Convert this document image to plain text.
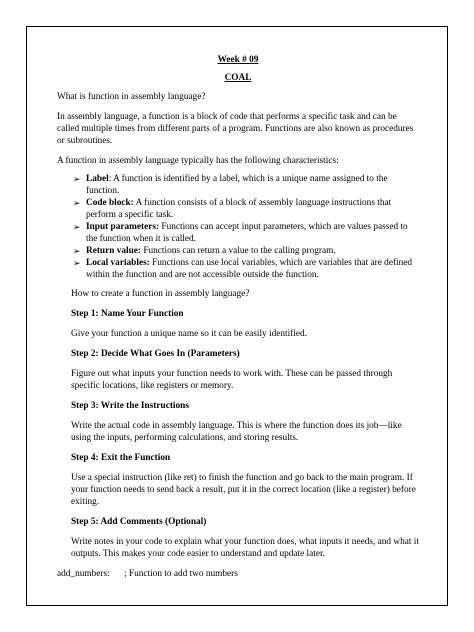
Week # 09

COAL

What is function in assembly language?

In assembly language, a function is a block of code that performs a specific task and can be called multiple times from different parts of a program. Functions are also known as procedures or subroutines.

A function in assembly language typically has the following characteristics:

➢ Label: A function is identified by a label, which is a unique name assigned to the function.
➢ Code block: A function consists of a block of assembly language instructions that perform a specific task.
➢ Input parameters: Functions can accept input parameters, which are values passed to the function when it is called.
➢ Return value: Functions can return a value to the calling program.
➢ Local variables: Functions can use local variables, which are variables that are defined within the function and are not accessible outside the function.

How to create a function in assembly language?

Step 1: Name Your Function

Give your function a unique name so it can be easily identified.

Step 2: Decide What Goes In (Parameters)

Figure out what inputs your function needs to work with. These can be passed through specific locations, like registers or memory.

Step 3: Write the Instructions

Write the actual code in assembly language. This is where the function does its job—like using the inputs, performing calculations, and storing results.

Step 4: Exit the Function

Use a special instruction (like ret) to finish the function and go back to the main program. If your function needs to send back a result, put it in the correct location (like a register) before exiting.

Step 5: Add Comments (Optional)

Write notes in your code to explain what your function does, what inputs it needs, and what it outputs. This makes your code easier to understand and update later.

add_numbers: ; Function to add two numbers
